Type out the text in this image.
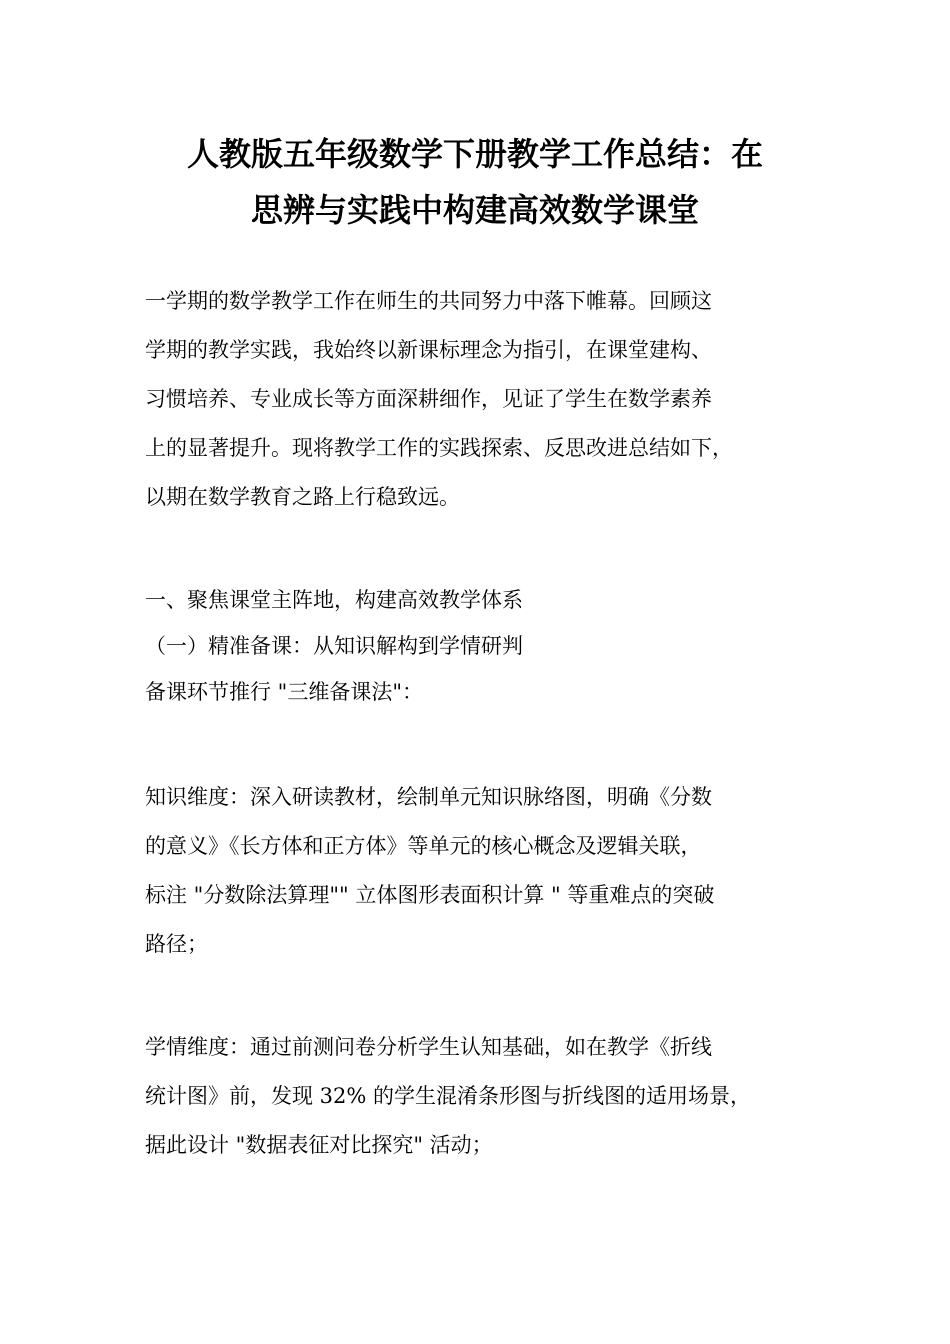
人教版五年级数学下册教学工作总结：在
思辨与实践中构建高效数学课堂
一学期的数学教学工作在师生的共同努力中落下帷幕。回顾这
学期的教学实践，我始终以新课标理念为指引，在课堂建构、
习惯培养、专业成长等方面深耕细作，见证了学生在数学素养
上的显著提升。现将教学工作的实践探索、反思改进总结如下，
以期在数学教育之路上行稳致远。
一、聚焦课堂主阵地，构建高效教学体系
（一）精准备课：从知识解构到学情研判
备课环节推行 "三维备课法"：
知识维度：深入研读教材，绘制单元知识脉络图，明确《分数
的意义》《长方体和正方体》等单元的核心概念及逻辑关联，
标注 "分数除法算理"" 立体图形表面积计算 " 等重难点的突破
路径；
学情维度：通过前测问卷分析学生认知基础，如在教学《折线
统计图》前，发现 32% 的学生混淆条形图与折线图的适用场景，
据此设计 "数据表征对比探究" 活动；
